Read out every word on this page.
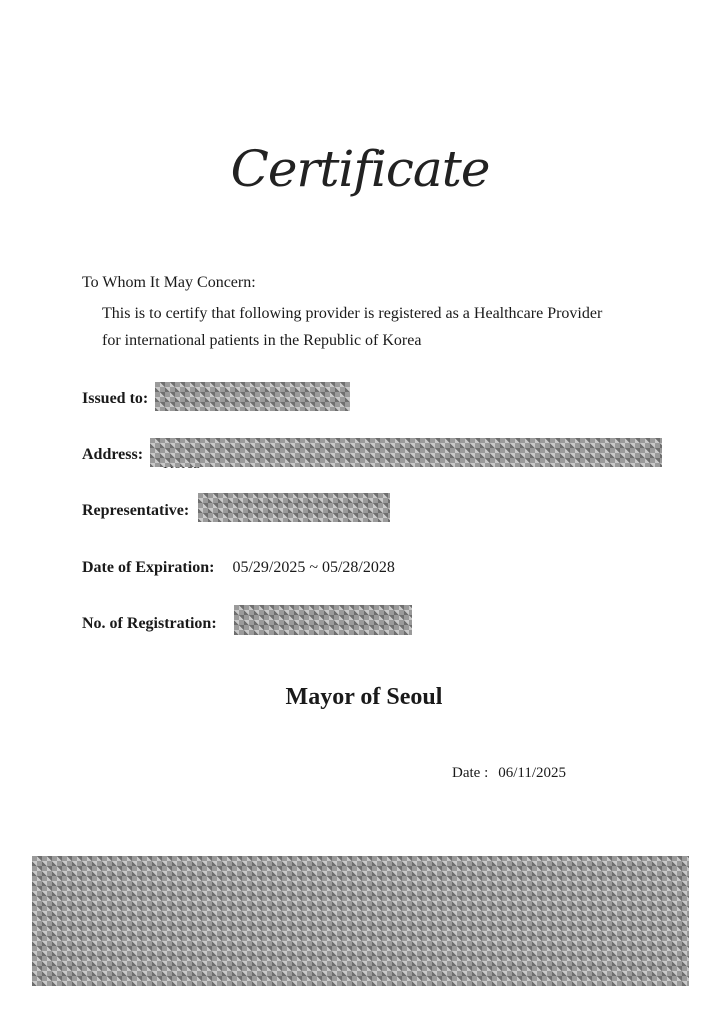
Certificate
To Whom It May Concern:
This is to certify that following provider is registered as a Healthcare Provider
for international patients in the Republic of Korea
Issued to:
Address:
Representative:
Date of Expiration: 05/29/2025 ~ 05/28/2028
No. of Registration:
Mayor of Seoul
Date : 06/11/2025
